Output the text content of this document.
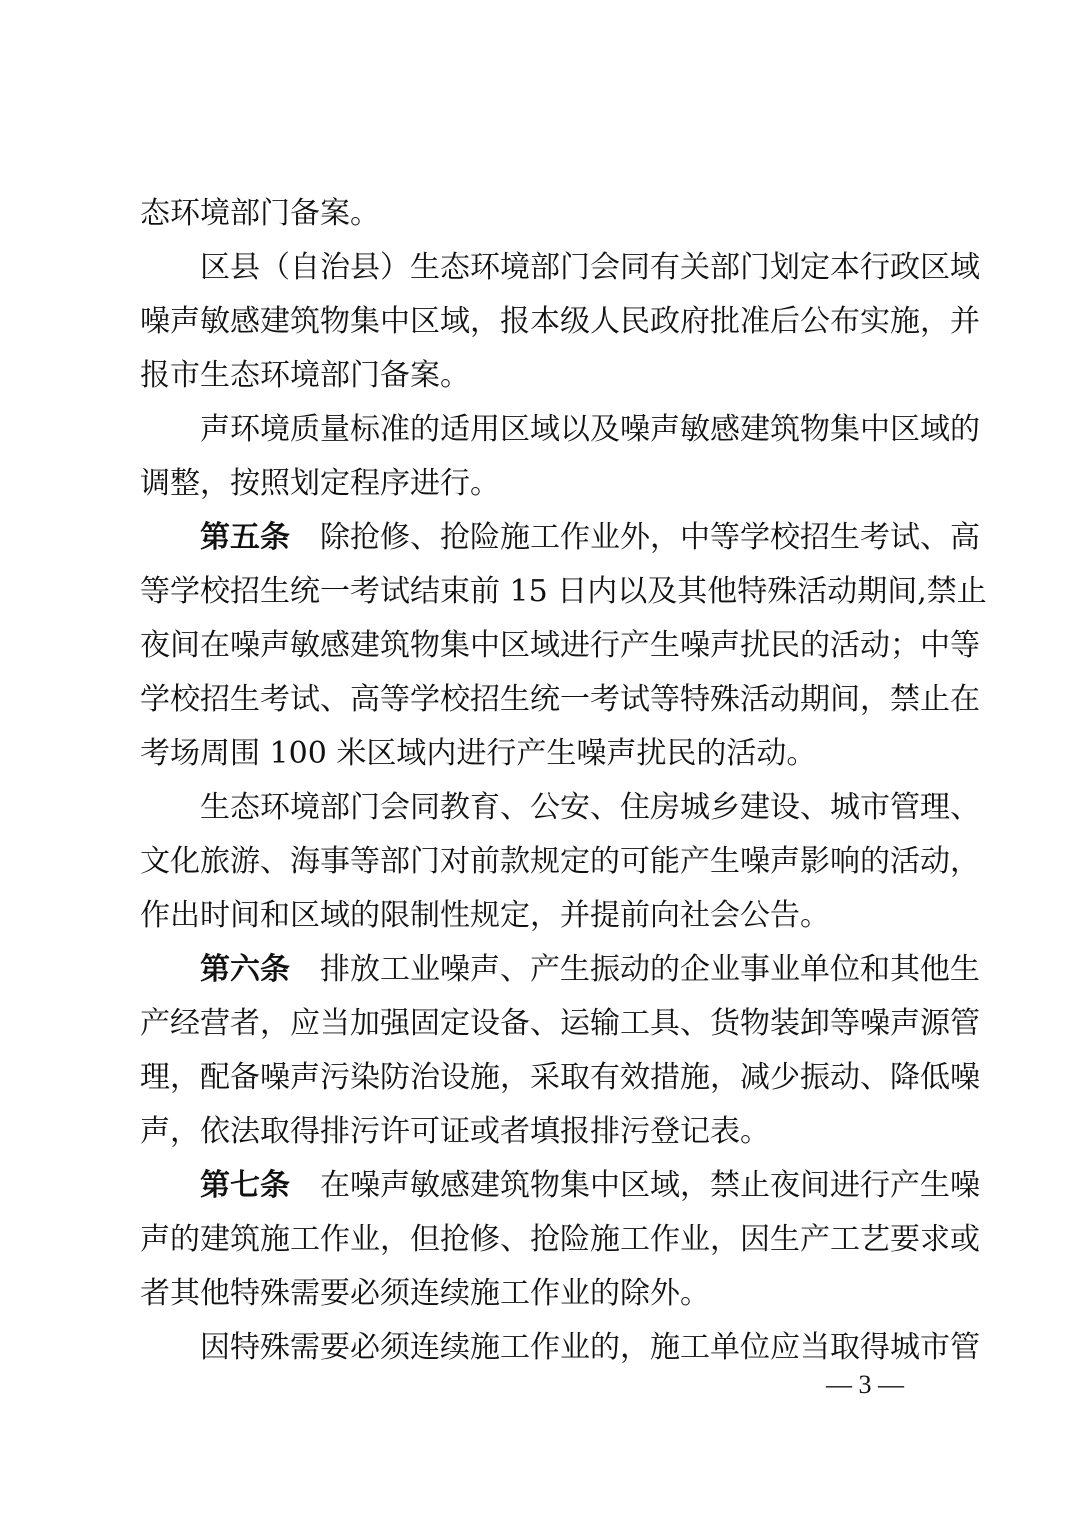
态环境部门备案。
区县（自治县）生态环境部门会同有关部门划定本行政区域
噪声敏感建筑物集中区域，报本级人民政府批准后公布实施，并
报市生态环境部门备案。
声环境质量标准的适用区域以及噪声敏感建筑物集中区域的
调整，按照划定程序进行。
第五条 除抢修、抢险施工作业外，中等学校招生考试、高
等学校招生统一考试结束前 15 日内以及其他特殊活动期间,禁止
夜间在噪声敏感建筑物集中区域进行产生噪声扰民的活动；中等
学校招生考试、高等学校招生统一考试等特殊活动期间，禁止在
考场周围 100 米区域内进行产生噪声扰民的活动。
生态环境部门会同教育、公安、住房城乡建设、城市管理、
文化旅游、海事等部门对前款规定的可能产生噪声影响的活动，
作出时间和区域的限制性规定，并提前向社会公告。
第六条 排放工业噪声、产生振动的企业事业单位和其他生
产经营者，应当加强固定设备、运输工具、货物装卸等噪声源管
理，配备噪声污染防治设施，采取有效措施，减少振动、降低噪
声，依法取得排污许可证或者填报排污登记表。
第七条 在噪声敏感建筑物集中区域，禁止夜间进行产生噪
声的建筑施工作业，但抢修、抢险施工作业，因生产工艺要求或
者其他特殊需要必须连续施工作业的除外。
因特殊需要必须连续施工作业的，施工单位应当取得城市管
— 3 —
